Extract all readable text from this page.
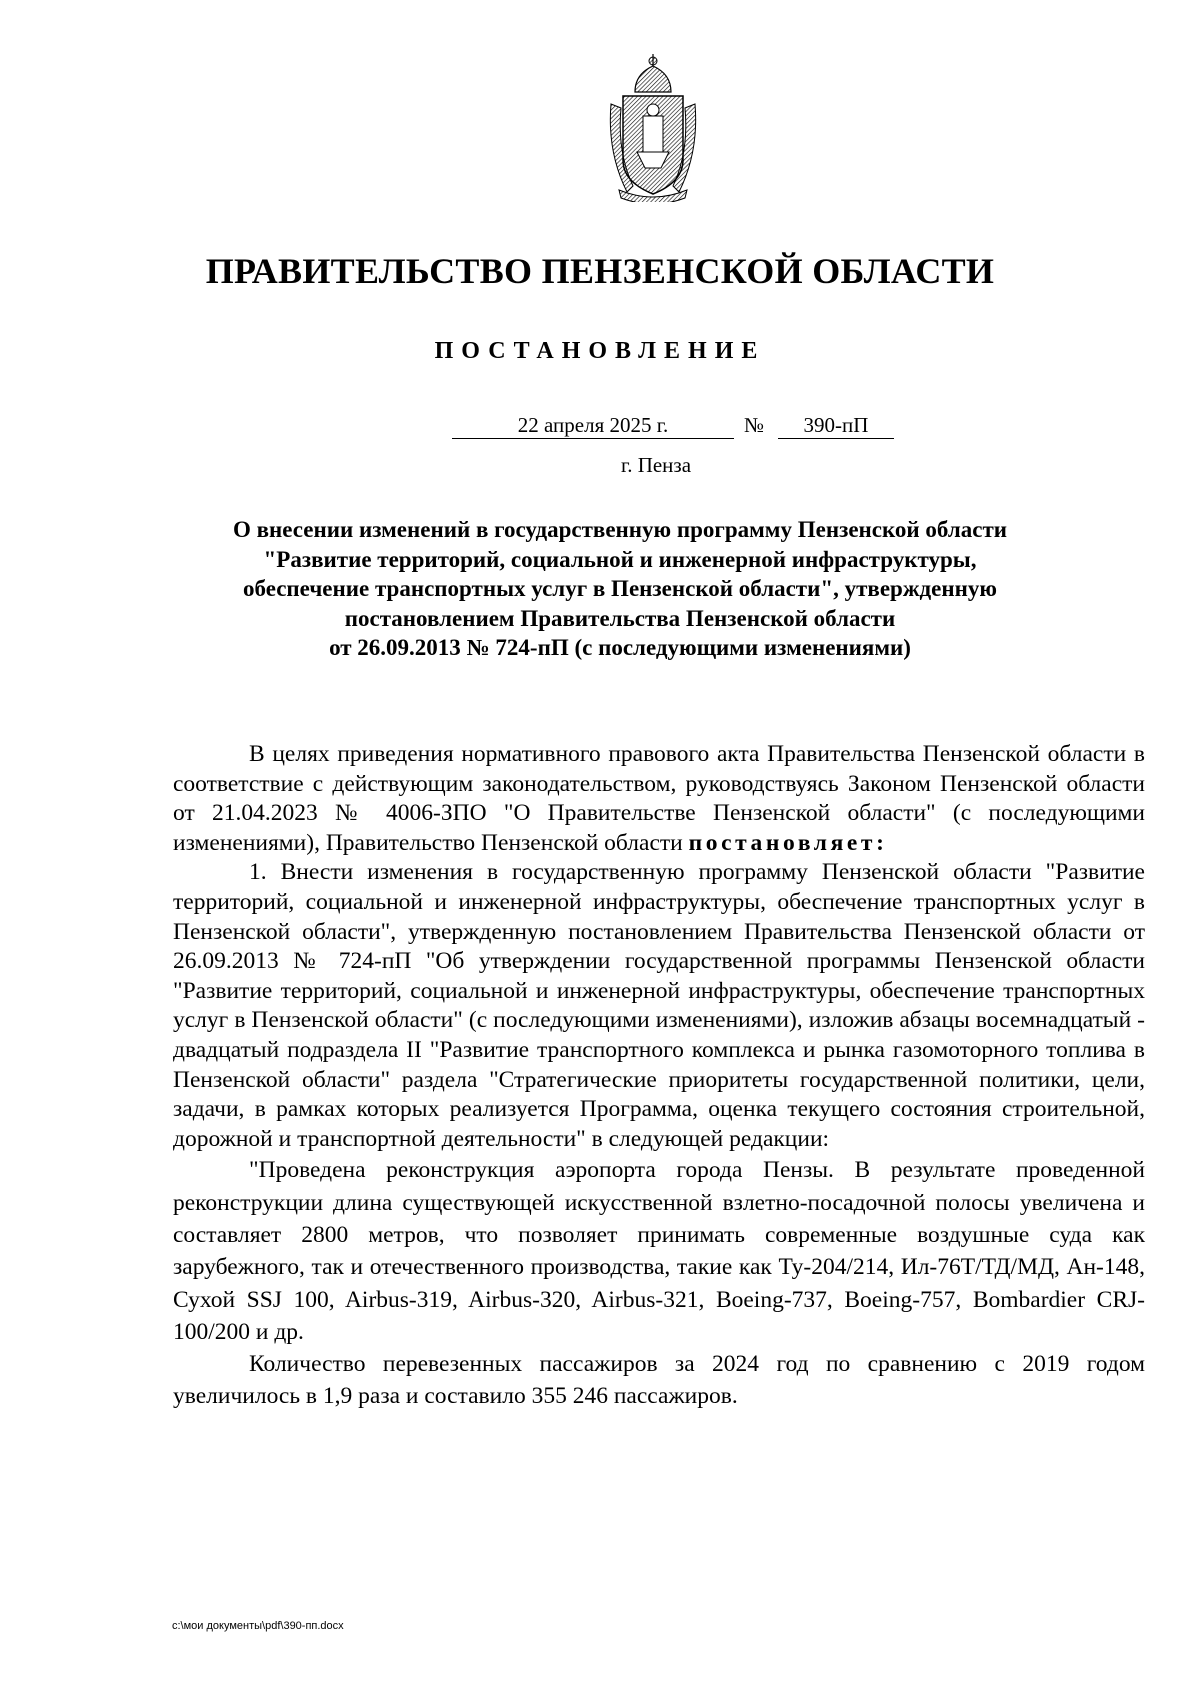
ПРАВИТЕЛЬСТВО ПЕНЗЕНСКОЙ ОБЛАСТИ
ПОСТАНОВЛЕНИЕ
22 апреля 2025 г.	№	390-пП
г. Пенза
О внесении изменений в государственную программу Пензенской области
"Развитие территорий, социальной и инженерной инфраструктуры,
обеспечение транспортных услуг в Пензенской области", утвержденную
постановлением Правительства Пензенской области
от 26.09.2013 № 724-пП (с последующими изменениями)

В целях приведения нормативного правового акта Правительства Пензенской области в соответствие с действующим законодательством, руководствуясь Законом Пензенской области от 21.04.2023 № 4006-ЗПО "О Правительстве Пензенской области" (с последующими изменениями), Правительство Пензенской области постановляет:

1. Внести изменения в государственную программу Пензенской области "Развитие территорий, социальной и инженерной инфраструктуры, обеспечение транспортных услуг в Пензенской области", утвержденную постановлением Правительства Пензенской области от 26.09.2013 № 724-пП "Об утверждении государственной программы Пензенской области "Развитие территорий, социальной и инженерной инфраструктуры, обеспечение транспортных услуг в Пензенской области" (с последующими изменениями), изложив абзацы восемнадцатый - двадцатый подраздела II "Развитие транспортного комплекса и рынка газомоторного топлива в Пензенской области" раздела "Стратегические приоритеты государственной политики, цели, задачи, в рамках которых реализуется Программа, оценка текущего состояния строительной, дорожной и транспортной деятельности" в следующей редакции:

"Проведена реконструкция аэропорта города Пензы. В результате проведенной реконструкции длина существующей искусственной взлетно-посадочной полосы увеличена и составляет 2800 метров, что позволяет принимать современные воздушные суда как зарубежного, так и отечественного производства, такие как Ту-204/214, Ил-76Т/ТД/МД, Ан-148, Сухой SSJ 100, Airbus-319, Airbus-320, Airbus-321, Boeing-737, Boeing-757, Bombardier CRJ-100/200 и др.

Количество перевезенных пассажиров за 2024 год по сравнению с 2019 годом увеличилось в 1,9 раза и составило 355 246 пассажиров.

c:\мои документы\pdf\390-пп.docx
